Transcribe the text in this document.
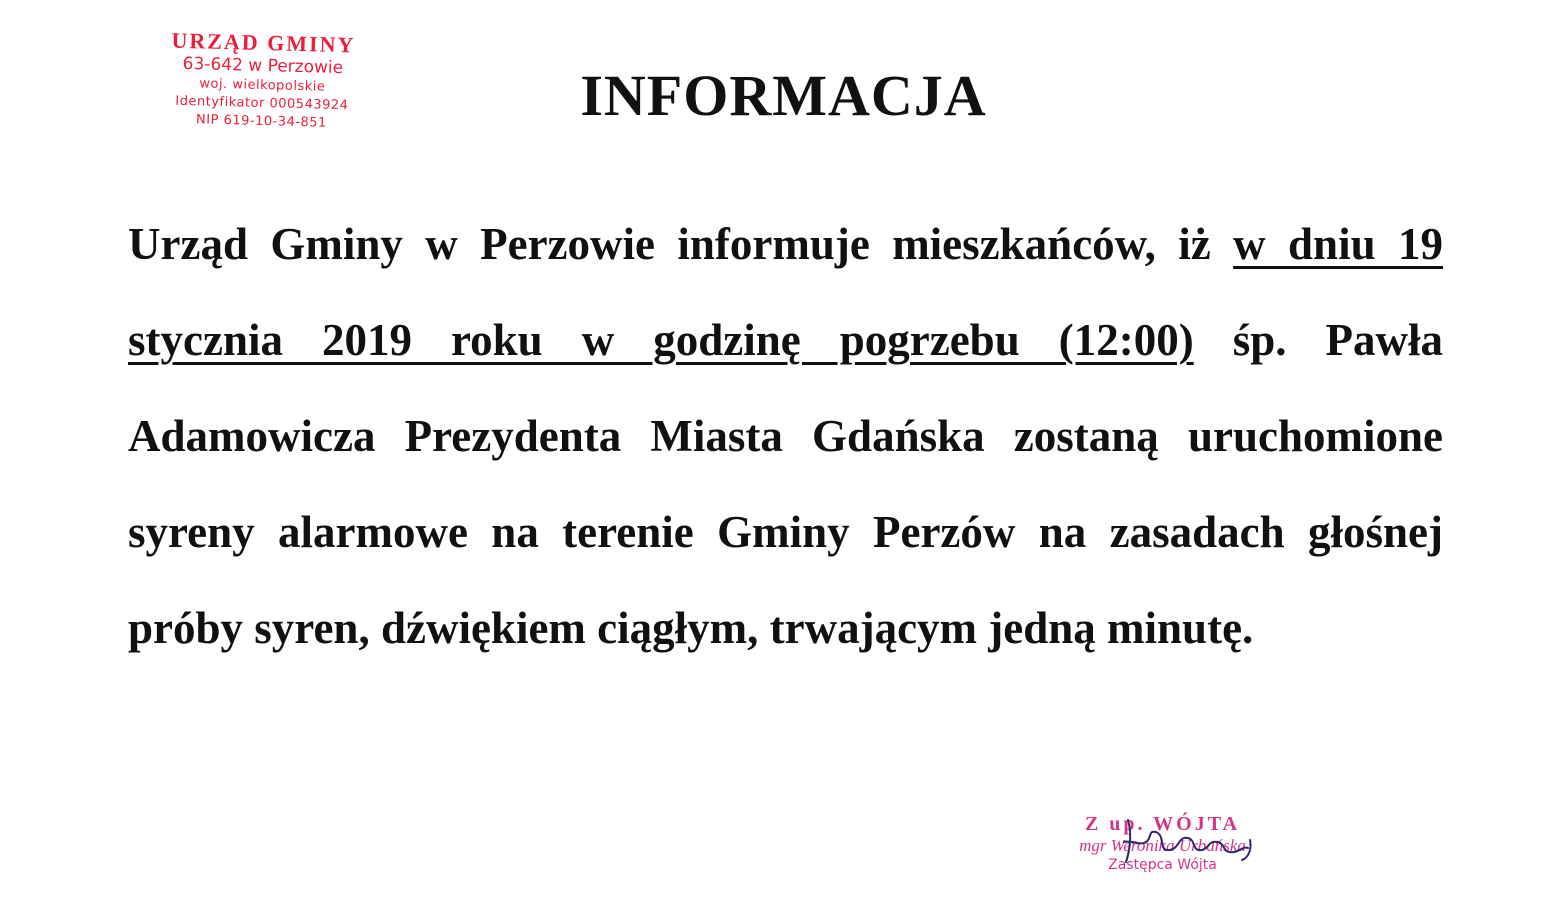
URZĄD GMINY
63-642 w Perzowie
woj. wielkopolskie
Identyfikator 000543924
NIP 619-10-34-851	INFORMACJA

Urząd Gminy w Perzowie informuje mieszkańców, iż w dniu 19 stycznia 2019 roku w godzinę pogrzebu (12:00) śp. Pawła Adamowicza Prezydenta Miasta Gdańska zostaną uruchomione syreny alarmowe na terenie Gminy Perzów na zasadach głośnej próby syren, dźwiękiem ciągłym, trwającym jedną minutę.

Z up. WÓJTA
mgr Weronika Urbańska
Zastępca Wójta
